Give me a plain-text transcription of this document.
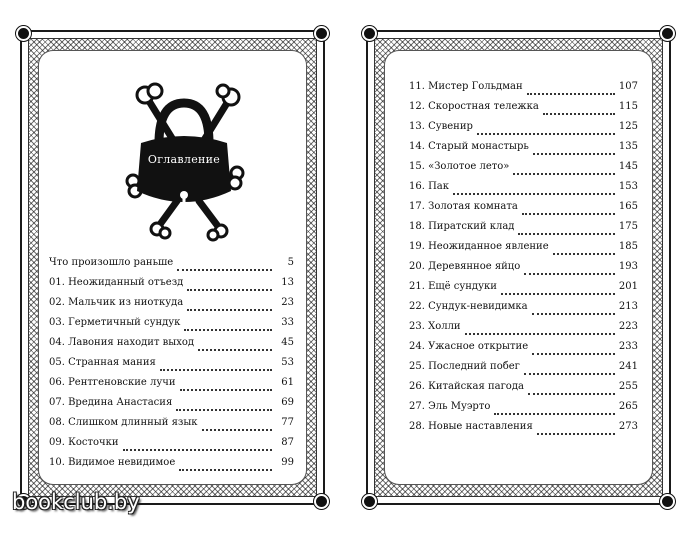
Оглавление
Что произошло раньше	5
01. Неожиданный отъезд	13
02. Мальчик из ниоткуда	23
03. Герметичный сундук	33
04. Лавония находит выход	45
05. Странная мания	53
06. Рентгеновские лучи	61
07. Вредина Анастасия	69
08. Слишком длинный язык	77
09. Косточки	87
10. Видимое невидимое	99
11. Мистер Гольдман	107
12. Скоростная тележка	115
13. Сувенир	125
14. Старый монастырь	135
15. «Золотое лето»	145
16. Пак	153
17. Золотая комната	165
18. Пиратский клад	175
19. Неожиданное явление	185
20. Деревянное яйцо	193
21. Ещё сундуки	201
22. Сундук-невидимка	213
23. Холли	223
24. Ужасное открытие	233
25. Последний побег	241
26. Китайская пагода	255
27. Эль Муэрто	265
28. Новые наставления	273
bookclub.by
